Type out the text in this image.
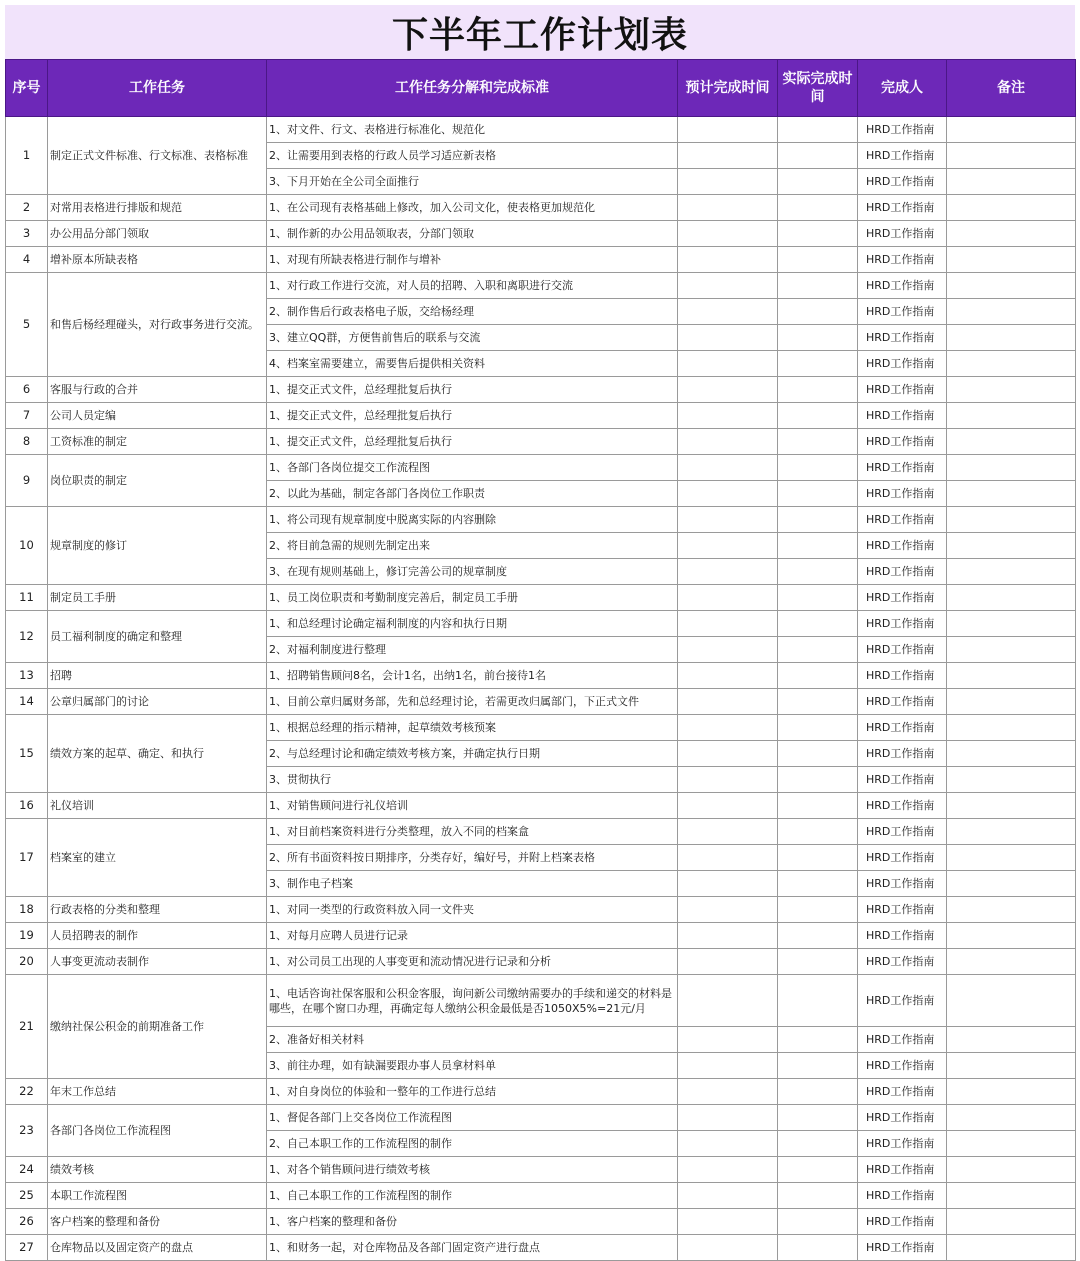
下半年工作计划表
序号	工作任务	工作任务分解和完成标准	预计完成时间	实际完成时间	完成人	备注
1	制定正式文件标准、行文标准、表格标准	1、对文件、行文、表格进行标准化、规范化			HRD工作指南	
		2、让需要用到表格的行政人员学习适应新表格			HRD工作指南	
		3、下月开始在全公司全面推行			HRD工作指南	
2	对常用表格进行排版和规范	1、在公司现有表格基础上修改，加入公司文化，使表格更加规范化			HRD工作指南	
3	办公用品分部门领取	1、制作新的办公用品领取表，分部门领取			HRD工作指南	
4	增补原本所缺表格	1、对现有所缺表格进行制作与增补			HRD工作指南	
5	和售后杨经理碰头，对行政事务进行交流。	1、对行政工作进行交流，对人员的招聘、入职和离职进行交流			HRD工作指南	
		2、制作售后行政表格电子版，交给杨经理			HRD工作指南	
		3、建立QQ群，方便售前售后的联系与交流			HRD工作指南	
		4、档案室需要建立，需要售后提供相关资料			HRD工作指南	
6	客服与行政的合并	1、提交正式文件，总经理批复后执行			HRD工作指南	
7	公司人员定编	1、提交正式文件，总经理批复后执行			HRD工作指南	
8	工资标准的制定	1、提交正式文件，总经理批复后执行			HRD工作指南	
9	岗位职责的制定	1、各部门各岗位提交工作流程图			HRD工作指南	
		2、以此为基础，制定各部门各岗位工作职责			HRD工作指南	
10	规章制度的修订	1、将公司现有规章制度中脱离实际的内容删除			HRD工作指南	
		2、将目前急需的规则先制定出来			HRD工作指南	
		3、在现有规则基础上，修订完善公司的规章制度			HRD工作指南	
11	制定员工手册	1、员工岗位职责和考勤制度完善后，制定员工手册			HRD工作指南	
12	员工福利制度的确定和整理	1、和总经理讨论确定福利制度的内容和执行日期			HRD工作指南	
		2、对福利制度进行整理			HRD工作指南	
13	招聘	1、招聘销售顾问8名，会计1名，出纳1名，前台接待1名			HRD工作指南	
14	公章归属部门的讨论	1、目前公章归属财务部，先和总经理讨论，若需更改归属部门，下正式文件			HRD工作指南	
15	绩效方案的起草、确定、和执行	1、根据总经理的指示精神，起草绩效考核预案			HRD工作指南	
		2、与总经理讨论和确定绩效考核方案，并确定执行日期			HRD工作指南	
		3、贯彻执行			HRD工作指南	
16	礼仪培训	1、对销售顾问进行礼仪培训			HRD工作指南	
17	档案室的建立	1、对目前档案资料进行分类整理，放入不同的档案盒			HRD工作指南	
		2、所有书面资料按日期排序，分类存好，编好号，并附上档案表格			HRD工作指南	
		3、制作电子档案			HRD工作指南	
18	行政表格的分类和整理	1、对同一类型的行政资料放入同一文件夹			HRD工作指南	
19	人员招聘表的制作	1、对每月应聘人员进行记录			HRD工作指南	
20	人事变更流动表制作	1、对公司员工出现的人事变更和流动情况进行记录和分析			HRD工作指南	
21	缴纳社保公积金的前期准备工作	1、电话咨询社保客服和公积金客服，询问新公司缴纳需要办的手续和递交的材料是哪些，在哪个窗口办理，再确定每人缴纳公积金最低是否1050X5%=21元/月			HRD工作指南	
		2、准备好相关材料			HRD工作指南	
		3、前往办理，如有缺漏要跟办事人员拿材料单			HRD工作指南	
22	年末工作总结	1、对自身岗位的体验和一整年的工作进行总结			HRD工作指南	
23	各部门各岗位工作流程图	1、督促各部门上交各岗位工作流程图			HRD工作指南	
		2、自己本职工作的工作流程图的制作			HRD工作指南	
24	绩效考核	1、对各个销售顾问进行绩效考核			HRD工作指南	
25	本职工作流程图	1、自己本职工作的工作流程图的制作			HRD工作指南	
26	客户档案的整理和备份	1、客户档案的整理和备份			HRD工作指南	
27	仓库物品以及固定资产的盘点	1、和财务一起，对仓库物品及各部门固定资产进行盘点			HRD工作指南	
